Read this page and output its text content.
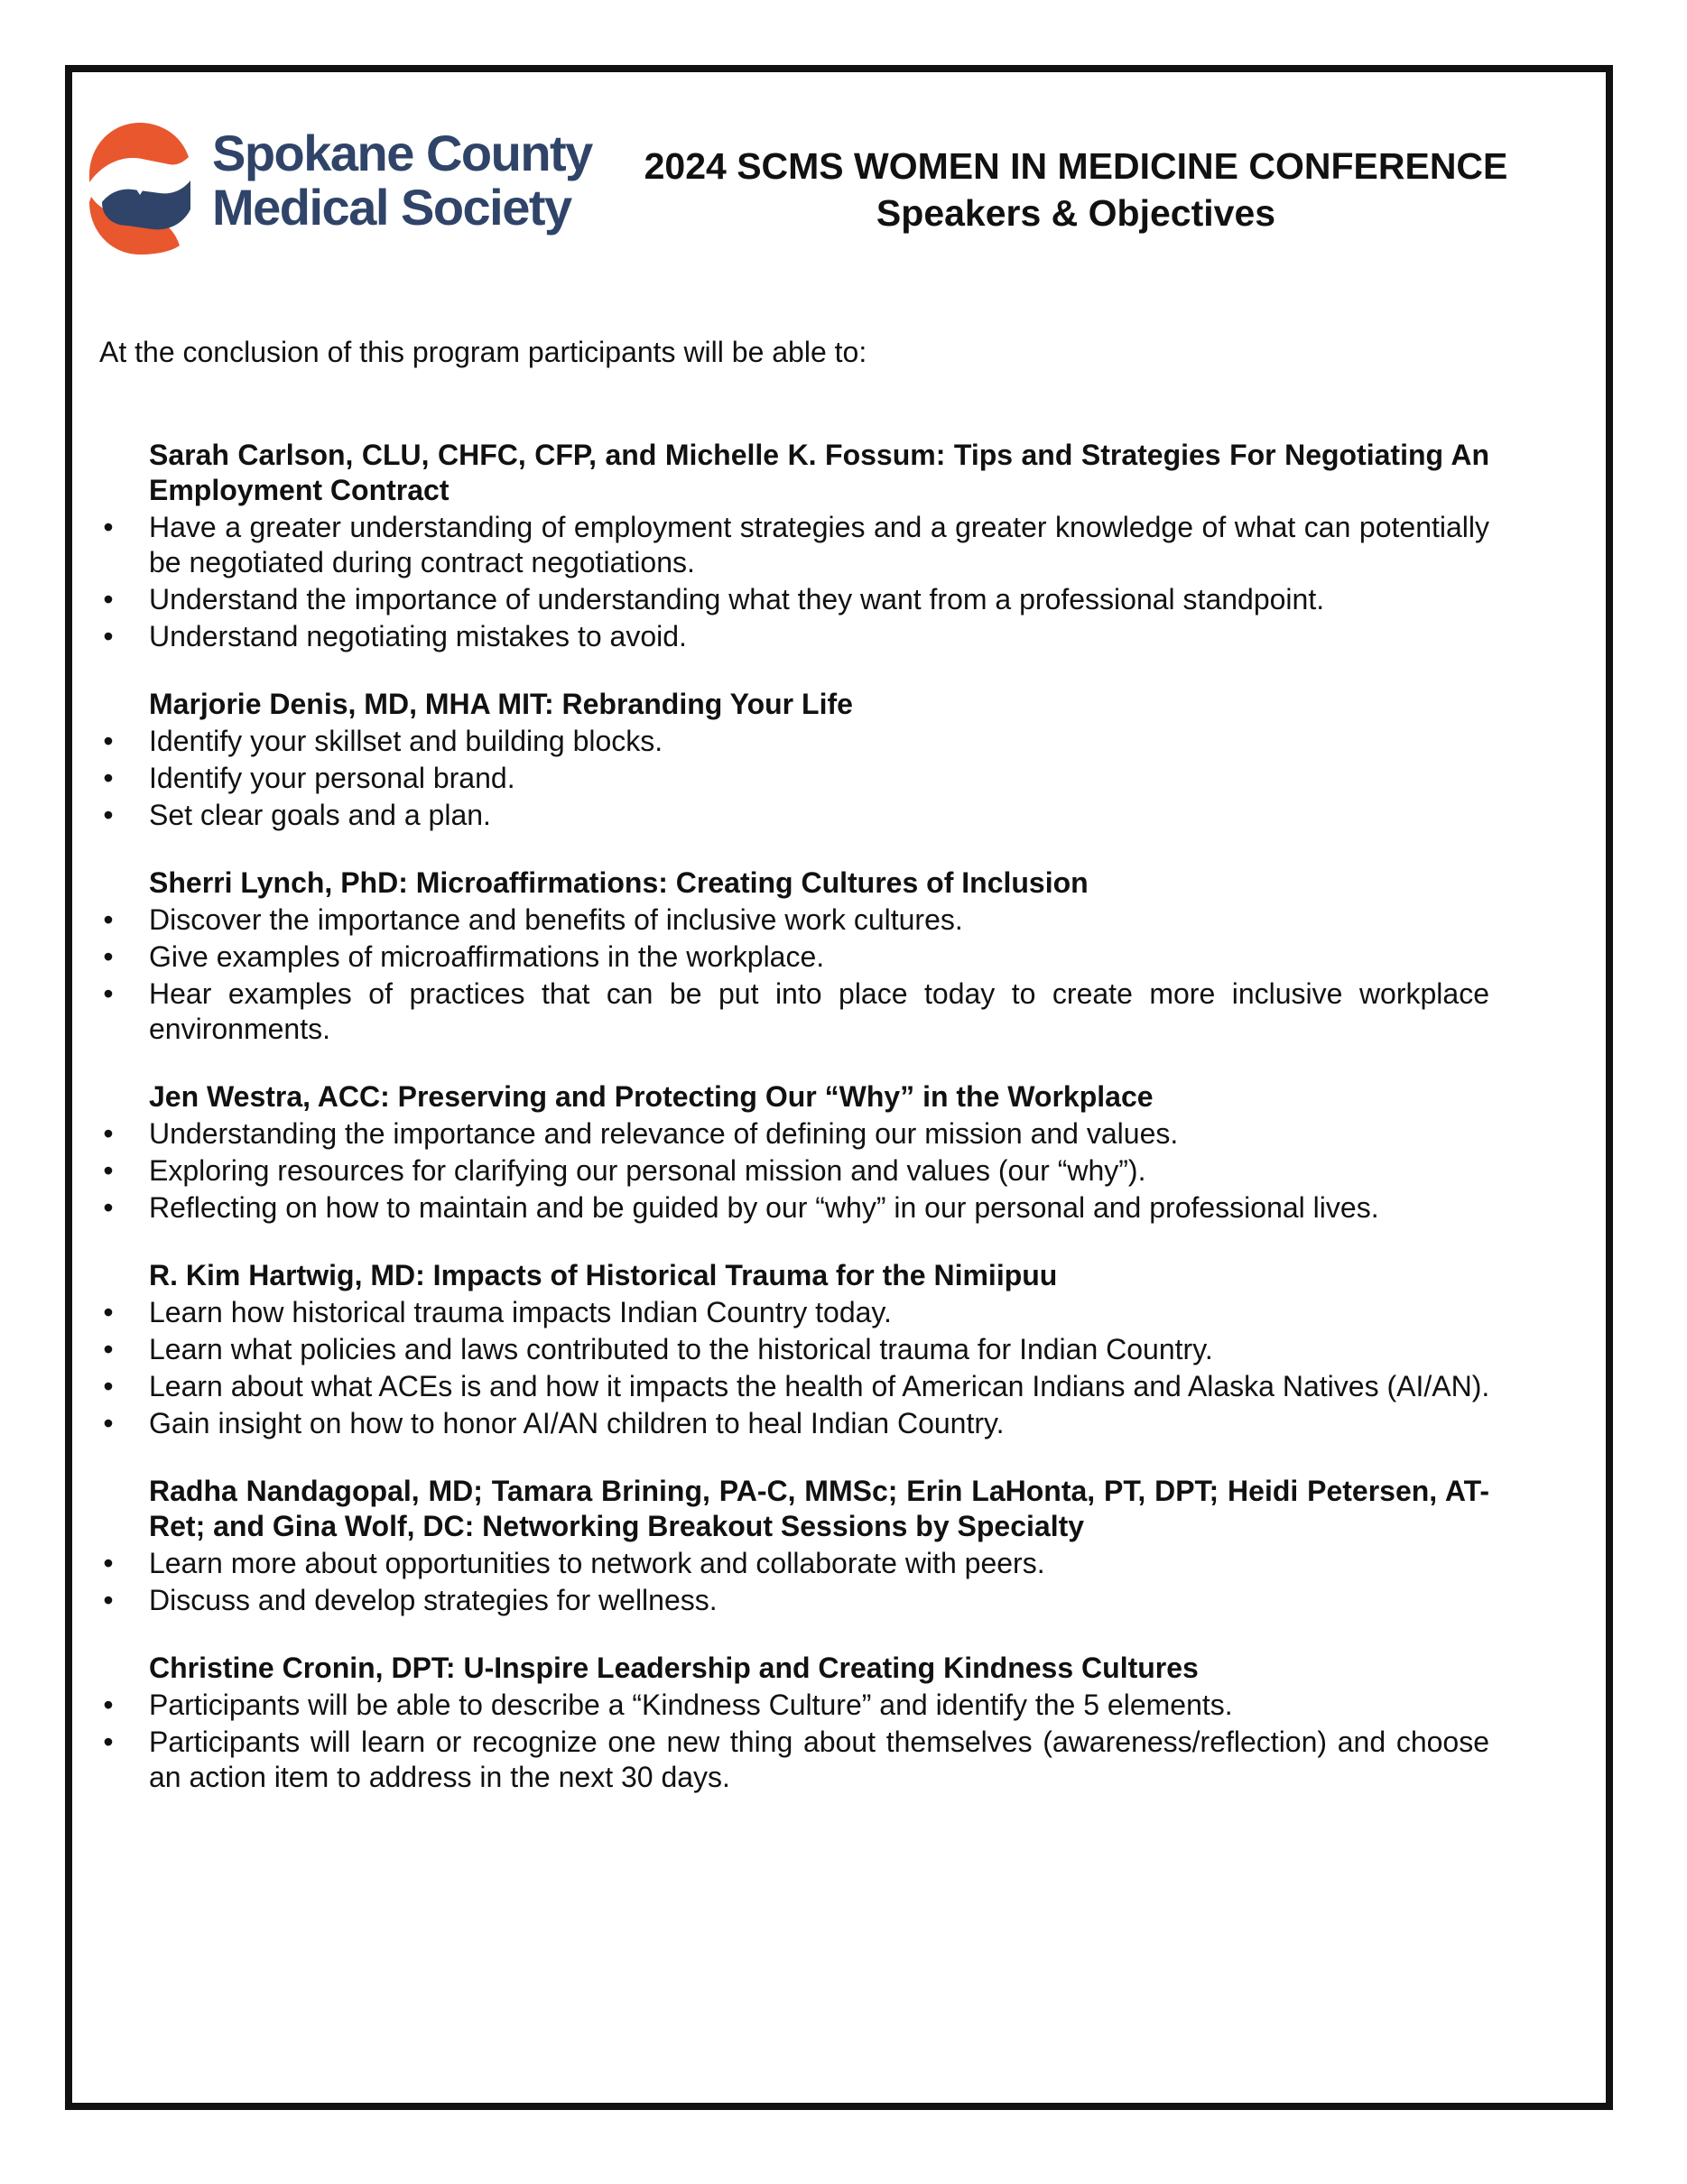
Spokane County
Medical Society
2024 SCMS WOMEN IN MEDICINE CONFERENCE
Speakers & Objectives
At the conclusion of this program participants will be able to:
Sarah Carlson, CLU, CHFC, CFP, and Michelle K. Fossum: Tips and Strategies For Negotiating An Employment Contract
• Have a greater understanding of employment strategies and a greater knowledge of what can potentially be negotiated during contract negotiations.
• Understand the importance of understanding what they want from a professional standpoint.
• Understand negotiating mistakes to avoid.
Marjorie Denis, MD, MHA MIT: Rebranding Your Life
• Identify your skillset and building blocks.
• Identify your personal brand.
• Set clear goals and a plan.
Sherri Lynch, PhD: Microaffirmations: Creating Cultures of Inclusion
• Discover the importance and benefits of inclusive work cultures.
• Give examples of microaffirmations in the workplace.
• Hear examples of practices that can be put into place today to create more inclusive workplace environments.
Jen Westra, ACC: Preserving and Protecting Our “Why” in the Workplace
• Understanding the importance and relevance of defining our mission and values.
• Exploring resources for clarifying our personal mission and values (our “why”).
• Reflecting on how to maintain and be guided by our “why” in our personal and professional lives.
R. Kim Hartwig, MD: Impacts of Historical Trauma for the Nimiipuu
• Learn how historical trauma impacts Indian Country today.
• Learn what policies and laws contributed to the historical trauma for Indian Country.
• Learn about what ACEs is and how it impacts the health of American Indians and Alaska Natives (AI/AN).
• Gain insight on how to honor AI/AN children to heal Indian Country.
Radha Nandagopal, MD; Tamara Brining, PA-C, MMSc; Erin LaHonta, PT, DPT; Heidi Petersen, AT-Ret; and Gina Wolf, DC: Networking Breakout Sessions by Specialty
• Learn more about opportunities to network and collaborate with peers.
• Discuss and develop strategies for wellness.
Christine Cronin, DPT: U-Inspire Leadership and Creating Kindness Cultures
• Participants will be able to describe a “Kindness Culture” and identify the 5 elements.
• Participants will learn or recognize one new thing about themselves (awareness/reflection) and choose an action item to address in the next 30 days.
